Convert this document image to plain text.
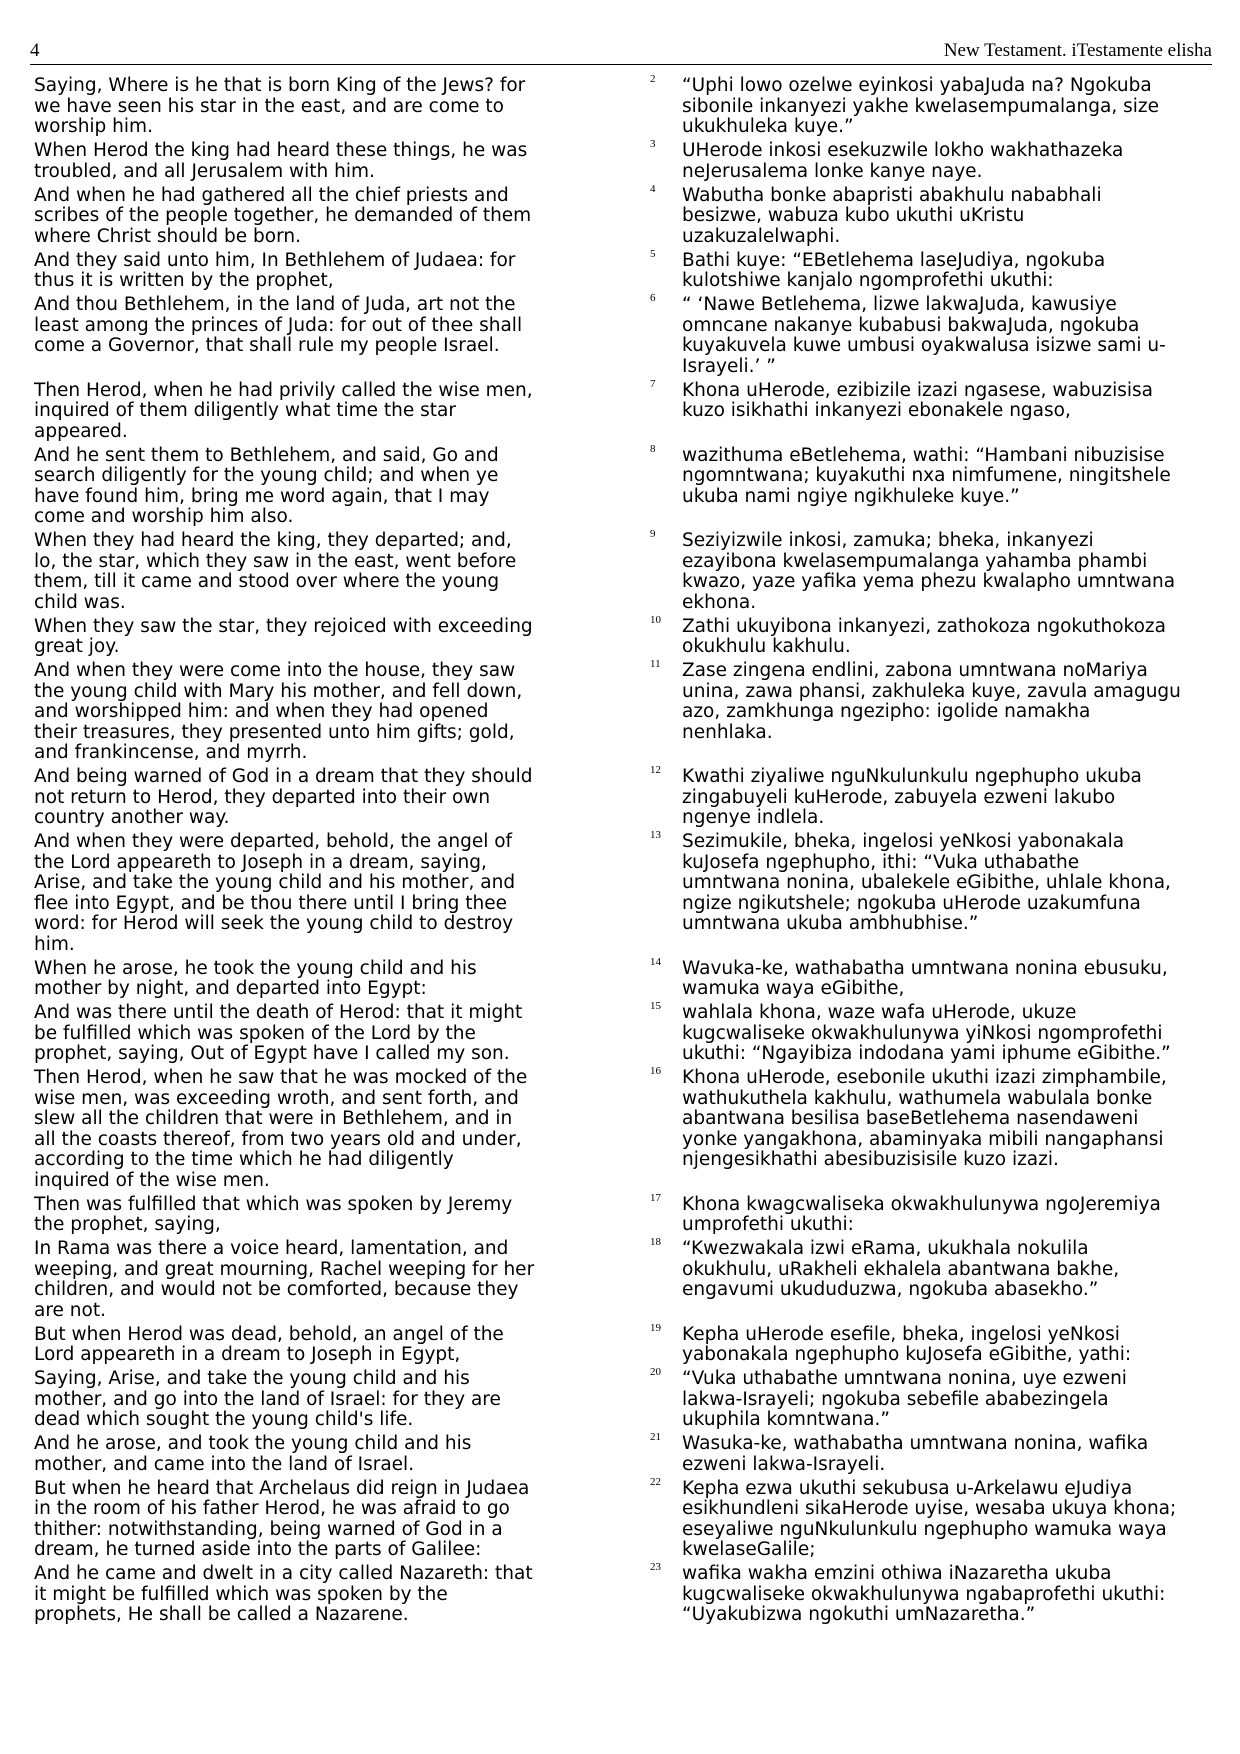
4	New Testament. iTestamente elisha
Saying, Where is he that is born King of the Jews? for
we have seen his star in the east, and are come to
worship him.
2	“Uphi lowo ozelwe eyinkosi yabaJuda na? Ngokuba
sibonile inkanyezi yakhe kwelasempumalanga, size
ukukhuleka kuye.”
When Herod the king had heard these things, he was
troubled, and all Jerusalem with him.
3	UHerode inkosi esekuzwile lokho wakhathazeka
neJerusalema lonke kanye naye.
And when he had gathered all the chief priests and
scribes of the people together, he demanded of them
where Christ should be born.
4	Wabutha bonke abapristi abakhulu nababhali
besizwe, wabuza kubo ukuthi uKristu
uzakuzalelwaphi.
And they said unto him, In Bethlehem of Judaea: for
thus it is written by the prophet,
5	Bathi kuye: “EBetlehema laseJudiya, ngokuba
kulotshiwe kanjalo ngomprofethi ukuthi:
And thou Bethlehem, in the land of Juda, art not the
least among the princes of Juda: for out of thee shall
come a Governor, that shall rule my people Israel.
6	“ ‘Nawe Betlehema, lizwe lakwaJuda, kawusiye
omncane nakanye kubabusi bakwaJuda, ngokuba
kuyakuvela kuwe umbusi oyakwalusa isizwe sami u-
Israyeli.’ ”
Then Herod, when he had privily called the wise men,
inquired of them diligently what time the star
appeared.
7	Khona uHerode, ezibizile izazi ngasese, wabuzisisa
kuzo isikhathi inkanyezi ebonakele ngaso,
And he sent them to Bethlehem, and said, Go and
search diligently for the young child; and when ye
have found him, bring me word again, that I may
come and worship him also.
8	wazithuma eBetlehema, wathi: “Hambani nibuzisise
ngomntwana; kuyakuthi nxa nimfumene, ningitshele
ukuba nami ngiye ngikhuleke kuye.”
When they had heard the king, they departed; and,
lo, the star, which they saw in the east, went before
them, till it came and stood over where the young
child was.
9	Seziyizwile inkosi, zamuka; bheka, inkanyezi
ezayibona kwelasempumalanga yahamba phambi
kwazo, yaze yafika yema phezu kwalapho umntwana
ekhona.
When they saw the star, they rejoiced with exceeding
great joy.
10	Zathi ukuyibona inkanyezi, zathokoza ngokuthokoza
okukhulu kakhulu.
And when they were come into the house, they saw
the young child with Mary his mother, and fell down,
and worshipped him: and when they had opened
their treasures, they presented unto him gifts; gold,
and frankincense, and myrrh.
11	Zase zingena endlini, zabona umntwana noMariya
unina, zawa phansi, zakhuleka kuye, zavula amagugu
azo, zamkhunga ngezipho: igolide namakha
nenhlaka.
And being warned of God in a dream that they should
not return to Herod, they departed into their own
country another way.
12	Kwathi ziyaliwe nguNkulunkulu ngephupho ukuba
zingabuyeli kuHerode, zabuyela ezweni lakubo
ngenye indlela.
And when they were departed, behold, the angel of
the Lord appeareth to Joseph in a dream, saying,
Arise, and take the young child and his mother, and
flee into Egypt, and be thou there until I bring thee
word: for Herod will seek the young child to destroy
him.
13	Sezimukile, bheka, ingelosi yeNkosi yabonakala
kuJosefa ngephupho, ithi: “Vuka uthabathe
umntwana nonina, ubalekele eGibithe, uhlale khona,
ngize ngikutshele; ngokuba uHerode uzakumfuna
umntwana ukuba ambhubhise.”
When he arose, he took the young child and his
mother by night, and departed into Egypt:
14	Wavuka-ke, wathabatha umntwana nonina ebusuku,
wamuka waya eGibithe,
And was there until the death of Herod: that it might
be fulfilled which was spoken of the Lord by the
prophet, saying, Out of Egypt have I called my son.
15	wahlala khona, waze wafa uHerode, ukuze
kugcwaliseke okwakhulunywa yiNkosi ngomprofethi
ukuthi: “Ngayibiza indodana yami iphume eGibithe.”
Then Herod, when he saw that he was mocked of the
wise men, was exceeding wroth, and sent forth, and
slew all the children that were in Bethlehem, and in
all the coasts thereof, from two years old and under,
according to the time which he had diligently
inquired of the wise men.
16	Khona uHerode, esebonile ukuthi izazi zimphambile,
wathukuthela kakhulu, wathumela wabulala bonke
abantwana besilisa baseBetlehema nasendaweni
yonke yangakhona, abaminyaka mibili nangaphansi
njengesikhathi abesibuzisisile kuzo izazi.
Then was fulfilled that which was spoken by Jeremy
the prophet, saying,
17	Khona kwagcwaliseka okwakhulunywa ngoJeremiya
umprofethi ukuthi:
In Rama was there a voice heard, lamentation, and
weeping, and great mourning, Rachel weeping for her
children, and would not be comforted, because they
are not.
18	“Kwezwakala izwi eRama, ukukhala nokulila
okukhulu, uRakheli ekhalela abantwana bakhe,
engavumi ukududuzwa, ngokuba abasekho.”
But when Herod was dead, behold, an angel of the
Lord appeareth in a dream to Joseph in Egypt,
19	Kepha uHerode esefile, bheka, ingelosi yeNkosi
yabonakala ngephupho kuJosefa eGibithe, yathi:
Saying, Arise, and take the young child and his
mother, and go into the land of Israel: for they are
dead which sought the young child's life.
20	“Vuka uthabathe umntwana nonina, uye ezweni
lakwa-Israyeli; ngokuba sebefile ababezingela
ukuphila komntwana.”
And he arose, and took the young child and his
mother, and came into the land of Israel.
21	Wasuka-ke, wathabatha umntwana nonina, wafika
ezweni lakwa-Israyeli.
But when he heard that Archelaus did reign in Judaea
in the room of his father Herod, he was afraid to go
thither: notwithstanding, being warned of God in a
dream, he turned aside into the parts of Galilee:
22	Kepha ezwa ukuthi sekubusa u-Arkelawu eJudiya
esikhundleni sikaHerode uyise, wesaba ukuya khona;
eseyaliwe nguNkulunkulu ngephupho wamuka waya
kwelaseGalile;
And he came and dwelt in a city called Nazareth: that
it might be fulfilled which was spoken by the
prophets, He shall be called a Nazarene.
23	wafika wakha emzini othiwa iNazaretha ukuba
kugcwaliseke okwakhulunywa ngabaprofethi ukuthi:
“Uyakubizwa ngokuthi umNazaretha.”
